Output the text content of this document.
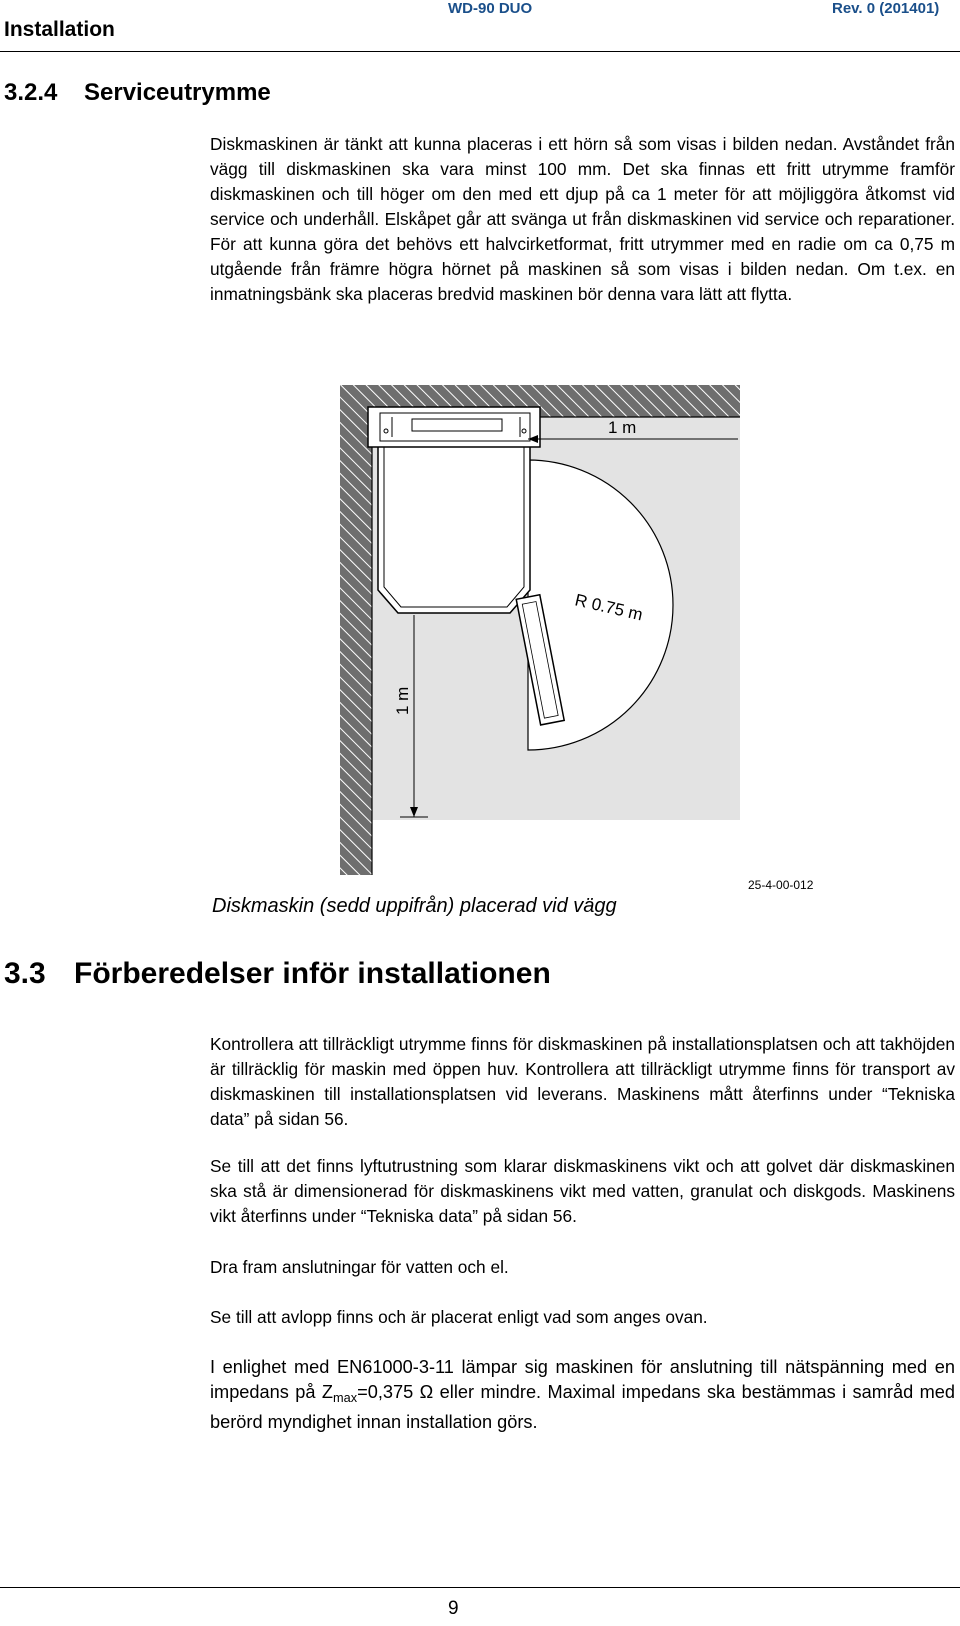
Installation
WD-90 DUO	Rev. 0 (201401)
3.2.4 Serviceutrymme

Diskmaskinen är tänkt att kunna placeras i ett hörn så som visas i bilden nedan. Avståndet från vägg till diskmaskinen ska vara minst 100 mm. Det ska finnas ett fritt utrymme framför diskmaskinen och till höger om den med ett djup på ca 1 meter för att möjliggöra åtkomst vid service och underhåll. Elskåpet går att svänga ut från diskmaskinen vid service och reparationer. För att kunna göra det behövs ett halvcirketformat, fritt utrymmer med en radie om ca 0,75 m utgående från främre högra hörnet på maskinen så som visas i bilden nedan. Om t.ex. en inmatningsbänk ska placeras bredvid maskinen bör denna vara lätt att flytta.

1 m
1 m
R 0.75 m
Diskmaskin (sedd uppifrån) placerad vid vägg
25-4-00-012
3.3 Förberedelser inför installationen

Kontrollera att tillräckligt utrymme finns för diskmaskinen på installationsplatsen och att takhöjden är tillräcklig för maskin med öppen huv. Kontrollera att tillräckligt utrymme finns för transport av diskmaskinen till installationsplatsen vid leverans. Maskinens mått återfinns under “Tekniska data” på sidan 56.

Se till att det finns lyftutrustning som klarar diskmaskinens vikt och att golvet där diskmaskinen ska stå är dimensionerad för diskmaskinens vikt med vatten, granulat och diskgods. Maskinens vikt återfinns under “Tekniska data” på sidan 56.

Dra fram anslutningar för vatten och el.

Se till att avlopp finns och är placerat enligt vad som anges ovan.

I enlighet med EN61000-3-11 lämpar sig maskinen för anslutning till nätspänning med en impedans på $Z_{max}=0,375$ Ω eller mindre. Maximal impedans ska bestämmas i samråd med berörd myndighet innan installation görs.

9
